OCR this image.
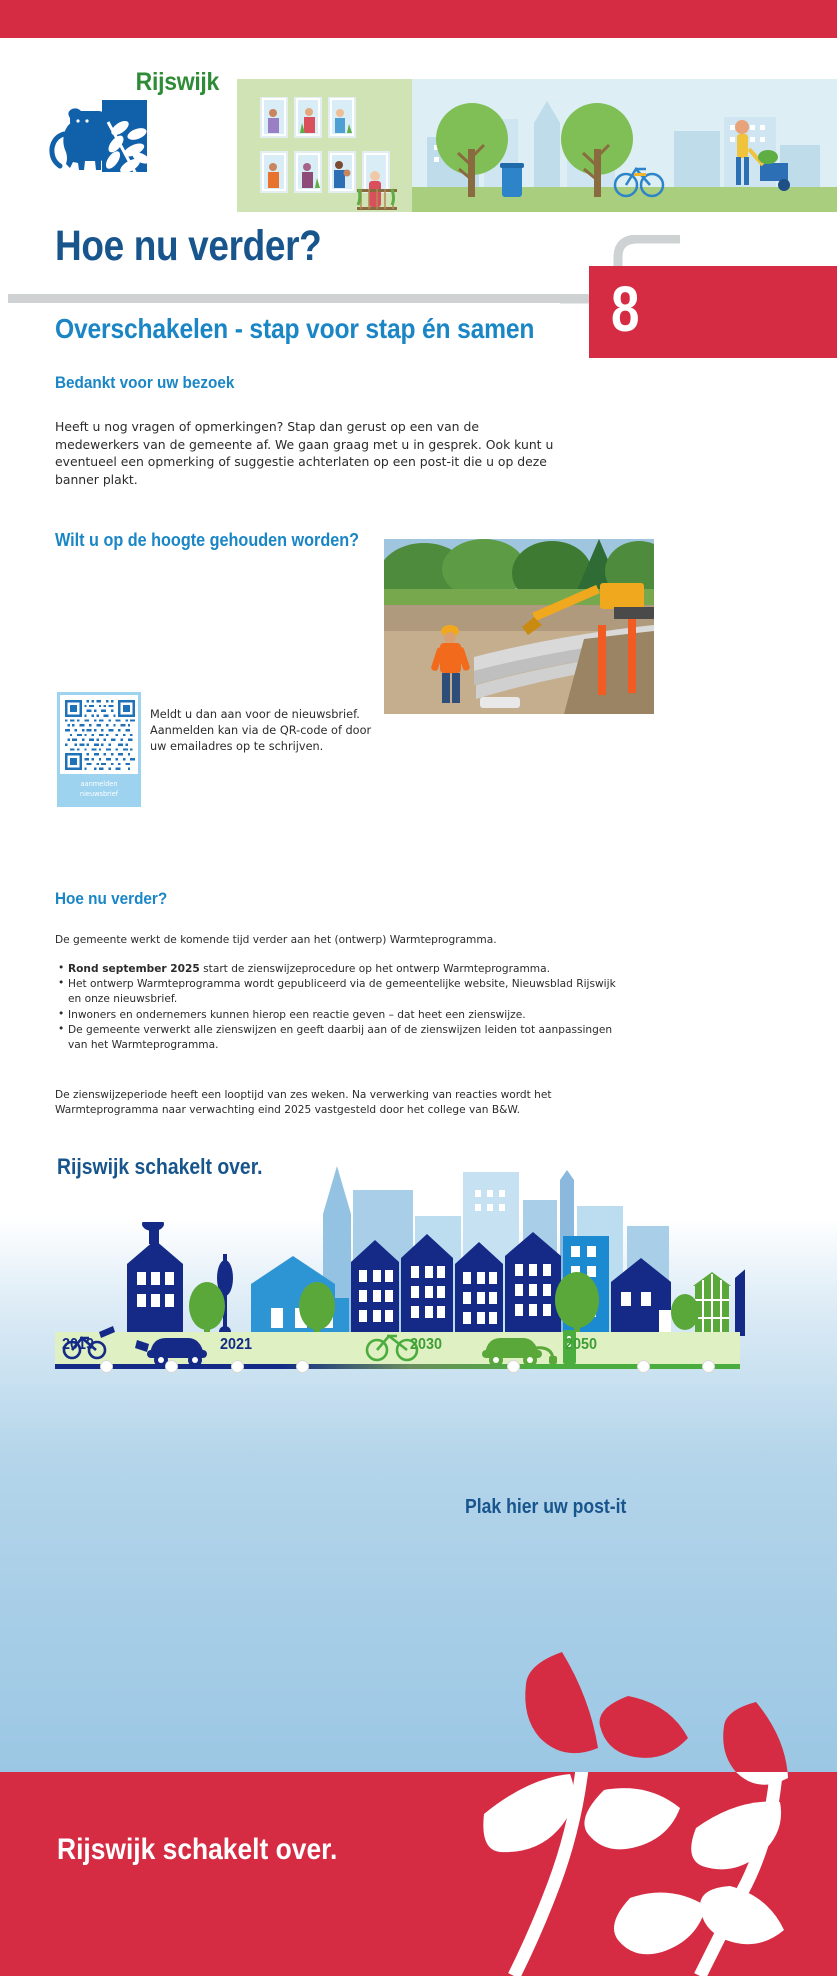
Rijswijk
Hoe nu verder?
8
Overschakelen - stap voor stap én samen
Bedankt voor uw bezoek
Heeft u nog vragen of opmerkingen? Stap dan gerust op een van de medewerkers van de gemeente af. We gaan graag met u in gesprek. Ook kunt u eventueel een opmerking of suggestie achterlaten op een post-it die u op deze banner plakt.
Wilt u op de hoogte gehouden worden?
aanmelden
nieuwsbrief
Meldt u dan aan voor de nieuwsbrief. Aanmelden kan via de QR-code of door uw emailadres op te schrijven.
Hoe nu verder?
De gemeente werkt de komende tijd verder aan het (ontwerp) Warmteprogramma.
• Rond september 2025 start de zienswijzeprocedure op het ontwerp Warmteprogramma.
• Het ontwerp Warmteprogramma wordt gepubliceerd via de gemeentelijke website, Nieuwsblad Rijswijk en onze nieuwsbrief.
• Inwoners en ondernemers kunnen hierop een reactie geven – dat heet een zienswijze.
• De gemeente verwerkt alle zienswijzen en geeft daarbij aan of de zienswijzen leiden tot aanpassingen van het Warmteprogramma.
De zienswijzeperiode heeft een looptijd van zes weken. Na verwerking van reacties wordt het Warmteprogramma naar verwachting eind 2025 vastgesteld door het college van B&W.
Rijswijk schakelt over.
2019	2021	2030	2050
Plak hier uw post-it
Rijswijk schakelt over.
